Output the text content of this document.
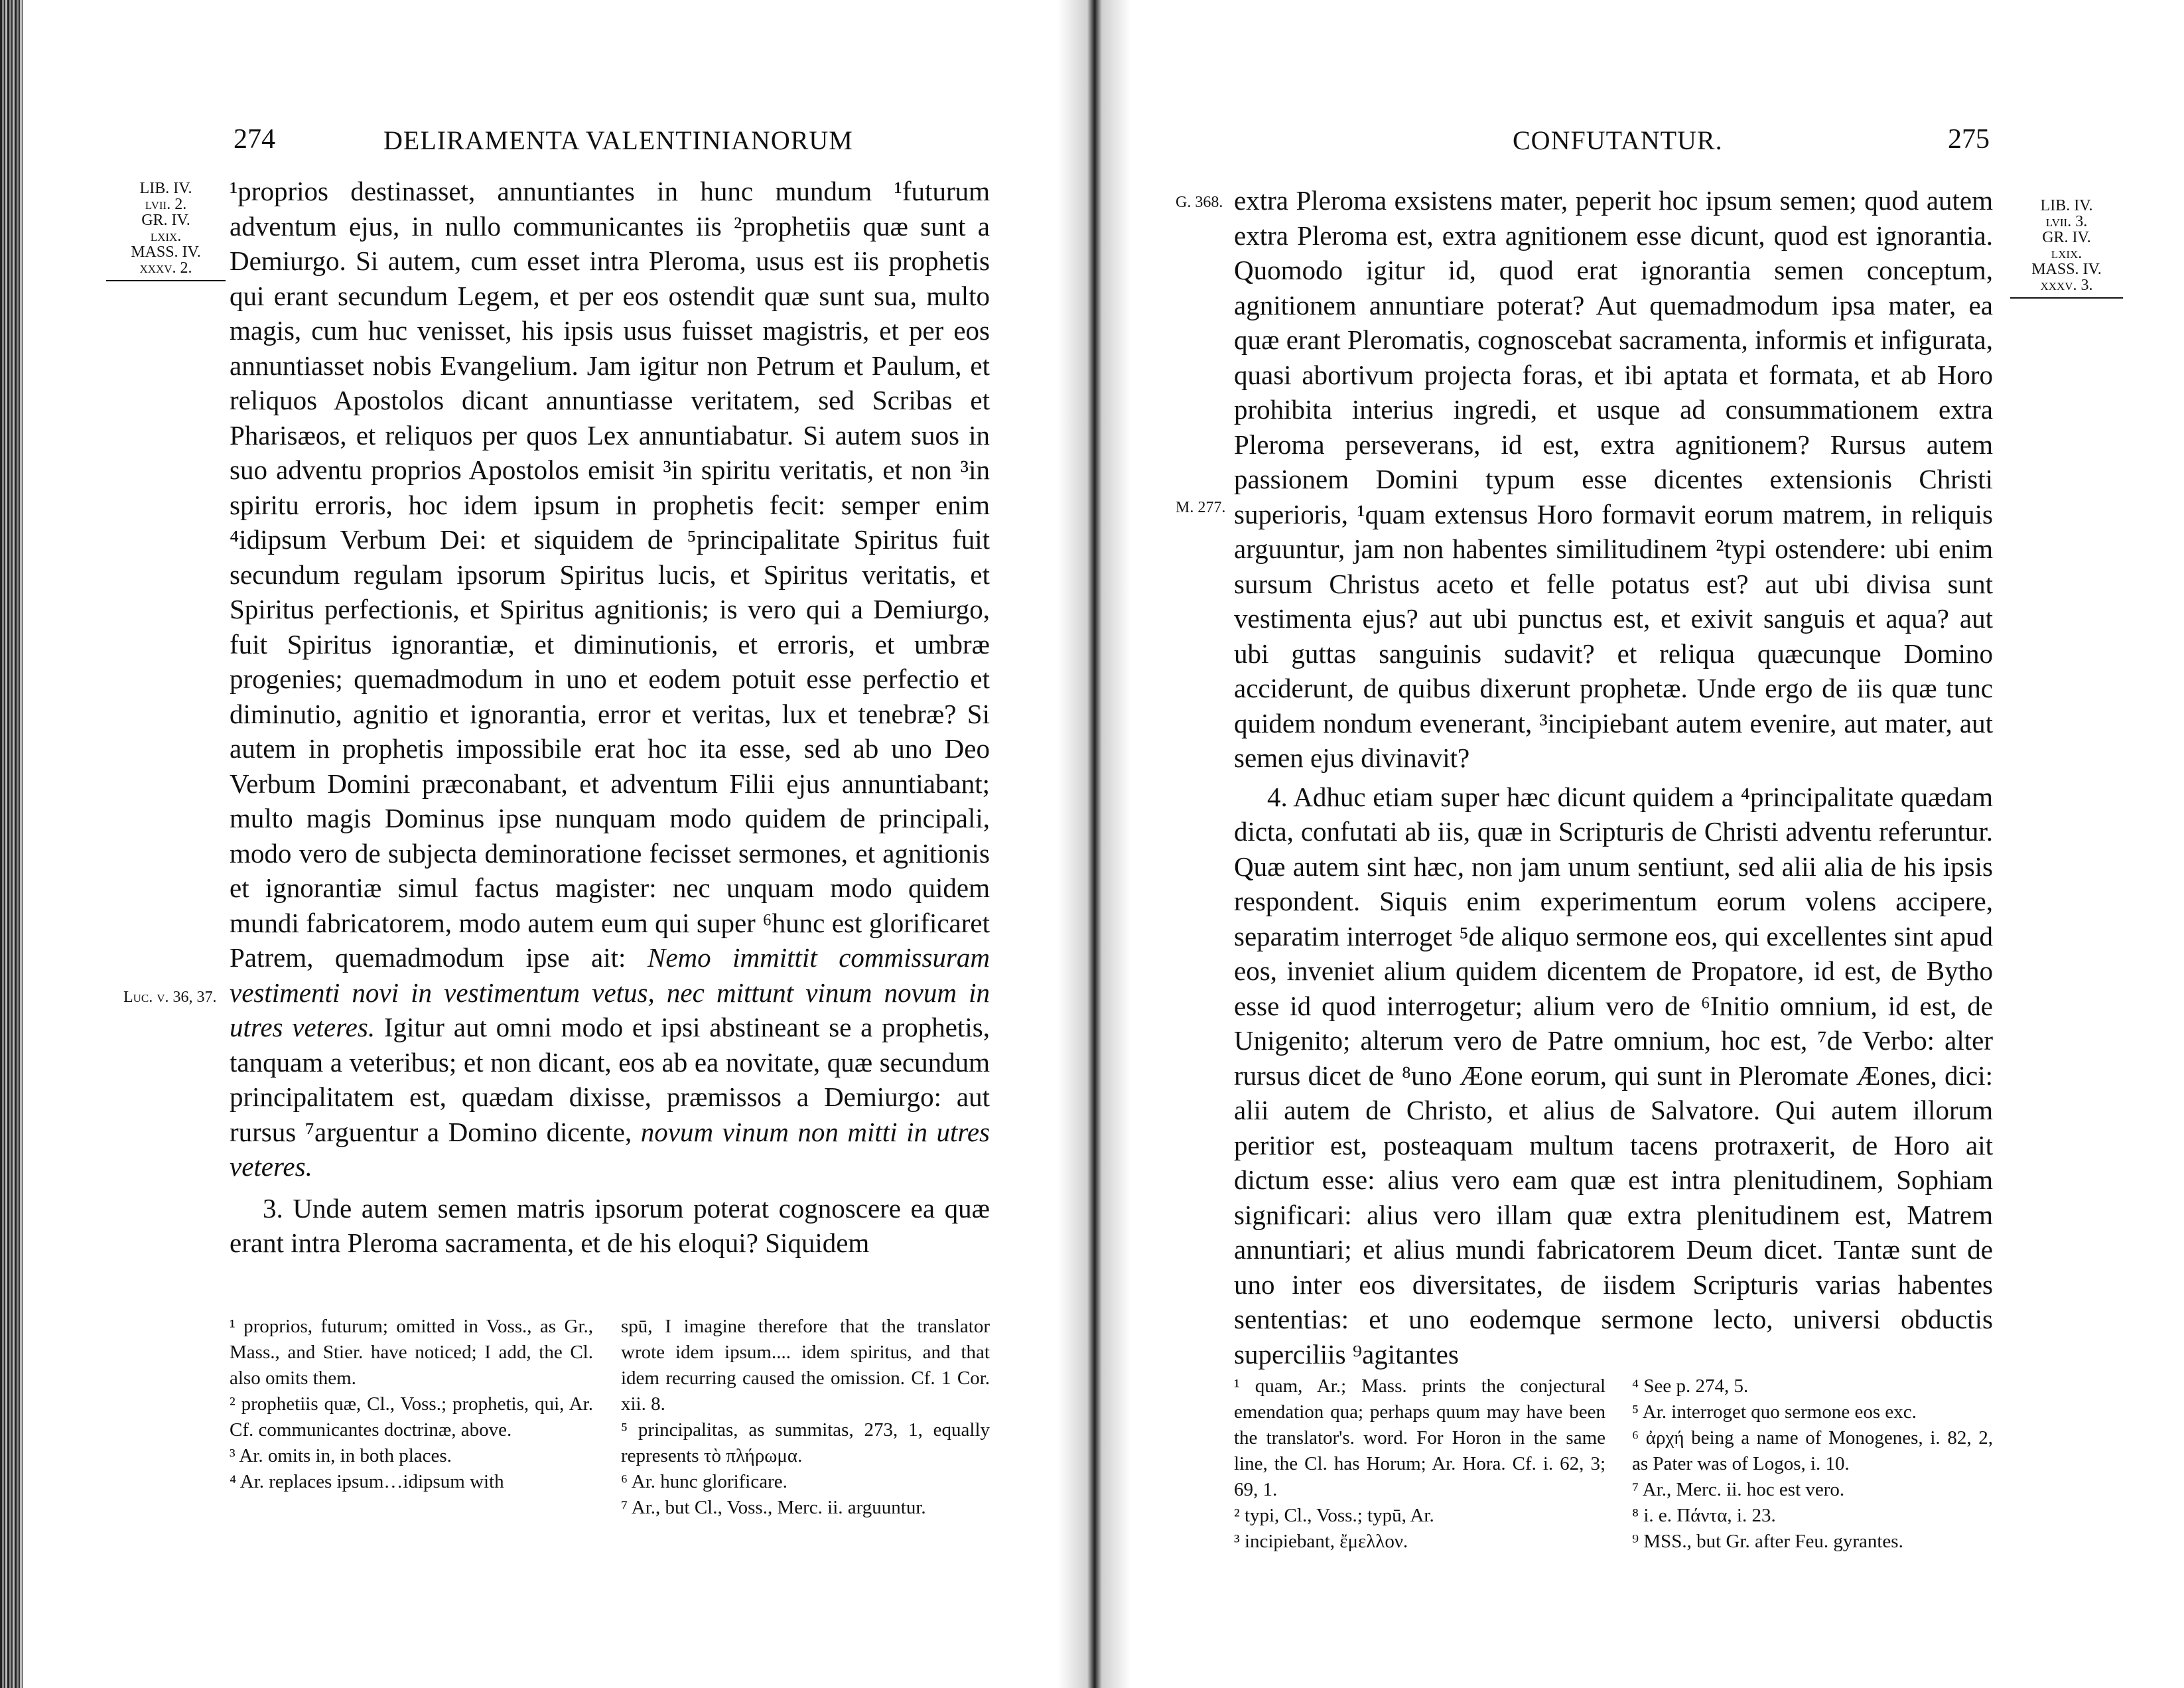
274	DELIRAMENTA VALENTINIANORUM
LIB. IV.
lvii. 2.
GR. IV.
lxix.
MASS. IV.
xxxv. 2.
Luc. v. 36, 37.

¹proprios destinasset, annuntiantes in hunc mundum ¹futurum adventum ejus, in nullo communicantes iis ²prophetiis quæ sunt a Demiurgo. Si autem, cum esset intra Pleroma, usus est iis prophetis qui erant secundum Legem, et per eos ostendit quæ sunt sua, multo magis, cum huc venisset, his ipsis usus fuisset magistris, et per eos annuntiasset nobis Evangelium. Jam igitur non Petrum et Paulum, et reliquos Apostolos dicant annuntiasse veritatem, sed Scribas et Pharisæos, et reliquos per quos Lex annuntiabatur. Si autem suos in suo adventu proprios Apostolos emisit ³in spiritu veritatis, et non ³in spiritu erroris, hoc idem ipsum in prophetis fecit: semper enim ⁴idipsum Verbum Dei: et siquidem de ⁵principalitate Spiritus fuit secundum regulam ipsorum Spiritus lucis, et Spiritus veritatis, et Spiritus perfectionis, et Spiritus agnitionis; is vero qui a Demiurgo, fuit Spiritus ignorantiæ, et diminutionis, et erroris, et umbræ progenies; quemadmodum in uno et eodem potuit esse perfectio et diminutio, agnitio et ignorantia, error et veritas, lux et tenebræ? Si autem in prophetis impossibile erat hoc ita esse, sed ab uno Deo Verbum Domini præconabant, et adventum Filii ejus annuntiabant; multo magis Dominus ipse nunquam modo quidem de principali, modo vero de subjecta deminoratione fecisset sermones, et agnitionis et ignorantiæ simul factus magister: nec unquam modo quidem mundi fabricatorem, modo autem eum qui super ⁶hunc est glorificaret Patrem, quemadmodum ipse ait: Nemo immittit commissuram vestimenti novi in vestimentum vetus, nec mittunt vinum novum in utres veteres. Igitur aut omni modo et ipsi abstineant se a prophetis, tanquam a veteribus; et non dicant, eos ab ea novitate, quæ secundum principalitatem est, quædam dixisse, præmissos a Demiurgo: aut rursus ⁷arguentur a Domino dicente, novum vinum non mitti in utres veteres.

3. Unde autem semen matris ipsorum poterat cognoscere ea quæ erant intra Pleroma sacramenta, et de his eloqui? Siquidem

¹ proprios, futurum; omitted in Voss., as Gr., Mass., and Stier. have noticed; I add, the Cl. also omits them.

² prophetiis quæ, Cl., Voss.; prophetis, qui, Ar. Cf. communicantes doctrinæ, above.

³ Ar. omits in, in both places.

⁴ Ar. replaces ipsum…idipsum with

spū, I imagine therefore that the translator wrote idem ipsum.... idem spiritus, and that idem recurring caused the omission. Cf. 1 Cor. xii. 8.

⁵ principalitas, as summitas, 273, 1, equally represents τὸ πλήρωμα.

⁶ Ar. hunc glorificare.

⁷ Ar., but Cl., Voss., Merc. ii. arguuntur.

CONFUTANTUR.	275
G. 368.
M. 277.

extra Pleroma exsistens mater, peperit hoc ipsum semen; quod autem extra Pleroma est, extra agnitionem esse dicunt, quod est ignorantia. Quomodo igitur id, quod erat ignorantia semen conceptum, agnitionem annuntiare poterat? Aut quemadmodum ipsa mater, ea quæ erant Pleromatis, cognoscebat sacramenta, informis et infigurata, quasi abortivum projecta foras, et ibi aptata et formata, et ab Horo prohibita interius ingredi, et usque ad consummationem extra Pleroma perseverans, id est, extra agnitionem? Rursus autem passionem Domini typum esse dicentes extensionis Christi superioris, ¹quam extensus Horo formavit eorum matrem, in reliquis arguuntur, jam non habentes similitudinem ²typi ostendere: ubi enim sursum Christus aceto et felle potatus est? aut ubi divisa sunt vestimenta ejus? aut ubi punctus est, et exivit sanguis et aqua? aut ubi guttas sanguinis sudavit? et reliqua quæcunque Domino acciderunt, de quibus dixerunt prophetæ. Unde ergo de iis quæ tunc quidem nondum evenerant, ³incipiebant autem evenire, aut mater, aut semen ejus divinavit?

4. Adhuc etiam super hæc dicunt quidem a ⁴principalitate quædam dicta, confutati ab iis, quæ in Scripturis de Christi adventu referuntur. Quæ autem sint hæc, non jam unum sentiunt, sed alii alia de his ipsis respondent. Siquis enim experimentum eorum volens accipere, separatim interroget ⁵de aliquo sermone eos, qui excellentes sint apud eos, inveniet alium quidem dicentem de Propatore, id est, de Bytho esse id quod interrogetur; alium vero de ⁶Initio omnium, id est, de Unigenito; alterum vero de Patre omnium, hoc est, ⁷de Verbo: alter rursus dicet de ⁸uno Æone eorum, qui sunt in Pleromate Æones, dici: alii autem de Christo, et alius de Salvatore. Qui autem illorum peritior est, posteaquam multum tacens protraxerit, de Horo ait dictum esse: alius vero eam quæ est intra plenitudinem, Sophiam significari: alius vero illam quæ extra plenitudinem est, Matrem annuntiari; et alius mundi fabricatorem Deum dicet. Tantæ sunt de uno inter eos diversitates, de iisdem Scripturis varias habentes sententias: et uno eodemque sermone lecto, universi obductis superciliis ⁹agitantes

LIB. IV.
lvii. 3.
GR. IV.
lxix.
MASS. IV.
xxxv. 3.

¹ quam, Ar.; Mass. prints the conjectural emendation qua; perhaps quum may have been the translator's. word. For Horon in the same line, the Cl. has Horum; Ar. Hora. Cf. i. 62, 3; 69, 1.

² typi, Cl., Voss.; typū, Ar.

³ incipiebant, ἔμελλον.

⁴ See p. 274, 5.

⁵ Ar. interroget quo sermone eos exc.

⁶ ἀρχή being a name of Monogenes, i. 82, 2, as Pater was of Logos, i. 10.

⁷ Ar., Merc. ii. hoc est vero.

⁸ i. e. Πάντα, i. 23.

⁹ MSS., but Gr. after Feu. gyrantes.
